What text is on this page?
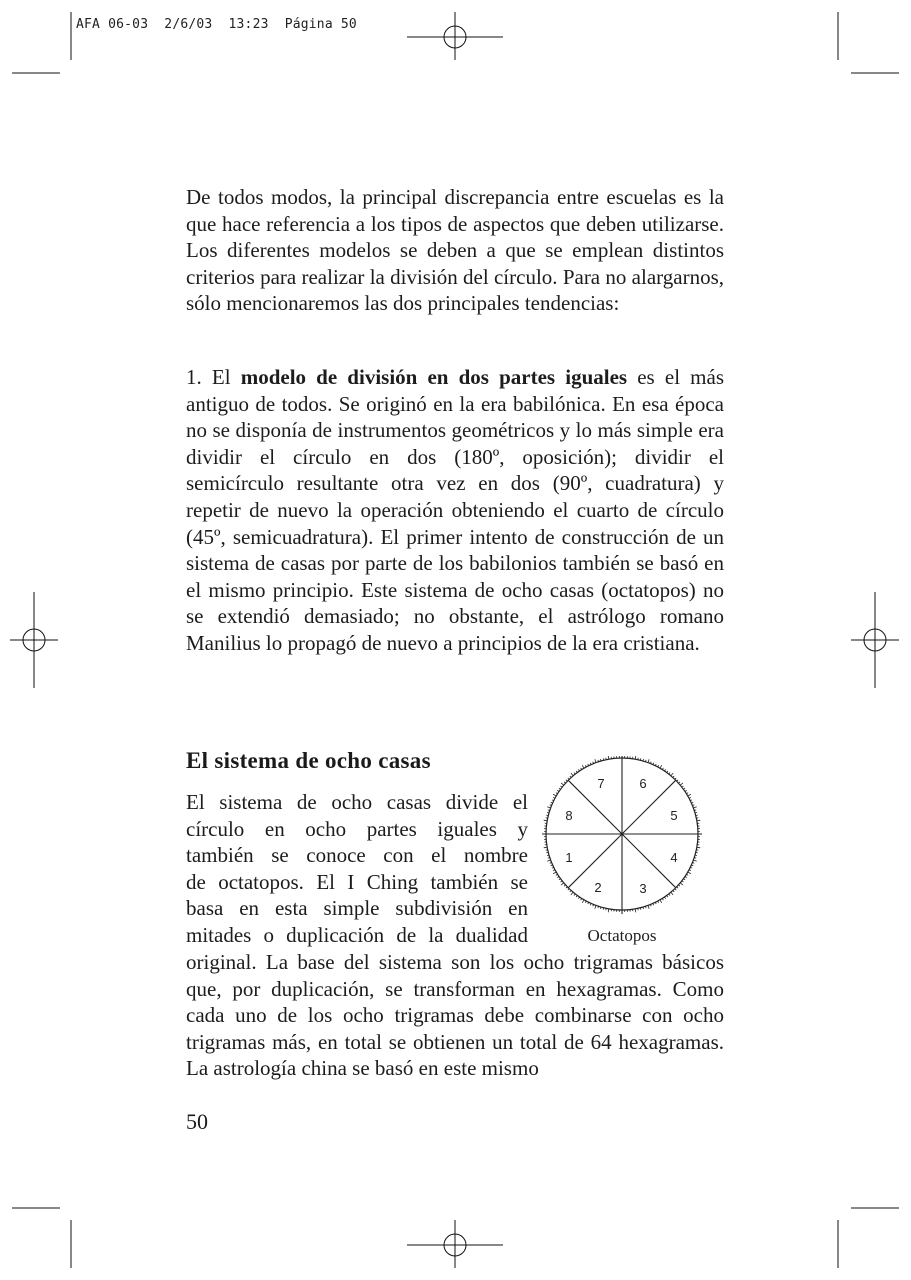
AFA 06-03  2/6/03  13:23  Página 50

De todos modos, la principal discrepancia entre escuelas es la que hace referencia a los tipos de aspectos que deben utilizarse. Los diferentes modelos se deben a que se emplean distintos criterios para realizar la división del círculo. Para no alargarnos, sólo mencionaremos las dos principales tendencias:

1. El modelo de división en dos partes iguales es el más antiguo de todos. Se originó en la era babilónica. En esa época no se disponía de instrumentos geométricos y lo más simple era dividir el círculo en dos (180º, oposición); dividir el semicírculo resultante otra vez en dos (90º, cuadratura) y repetir de nuevo la operación obteniendo el cuarto de círculo (45º, semicuadratura). El primer intento de construcción de un sistema de casas por parte de los babilonios también se basó en el mismo principio. Este sistema de ocho casas (octatopos) no se extendió demasiado; no obstante, el astrólogo romano Manilius lo propagó de nuevo a principios de la era cristiana.

El sistema de ocho casas
El sistema de ocho casas divide el
círculo en ocho partes iguales y
también se conoce con el nombre
de octatopos. El I Ching también se
basa en esta simple subdivisión en
mitades o duplicación de la dualidad
1
2	3
4
5
6
7
8
Octatopos

original. La base del sistema son los ocho trigramas básicos que, por duplicación, se transforman en hexagramas. Como cada uno de los ocho trigramas debe combinarse con ocho trigramas más, en total se obtienen un total de 64 hexagramas. La astrología china se basó en este mismo

50
